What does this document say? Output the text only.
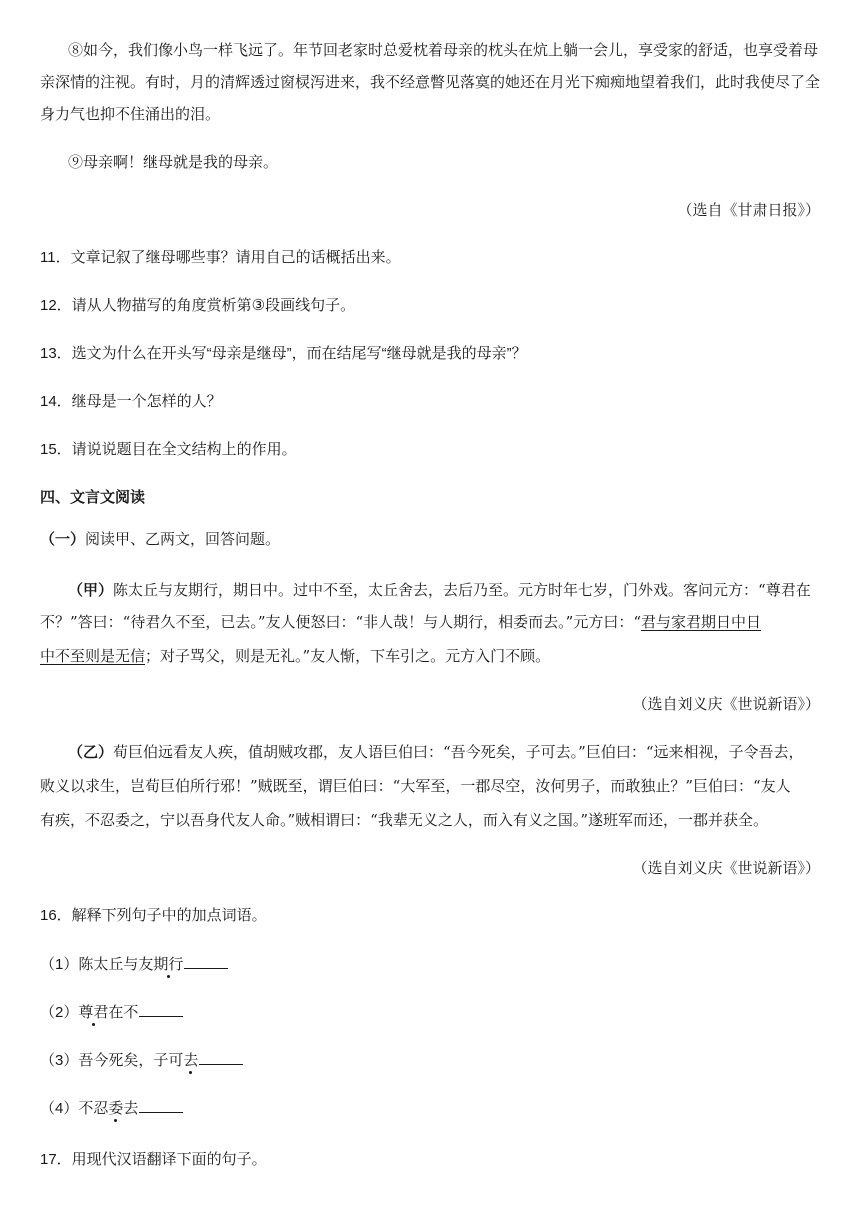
⑧如今，我们像小鸟一样飞远了。年节回老家时总爱枕着母亲的枕头在炕上躺一会儿，享受家的舒适，也享受着母
亲深情的注视。有时，月的清辉透过窗棂泻进来，我不经意瞥见落寞的她还在月光下痴痴地望着我们，此时我使尽了全
身力气也抑不住涌出的泪。
⑨母亲啊！继母就是我的母亲。
（选自《甘肃日报》）
11．文章记叙了继母哪些事？请用自己的话概括出来。
12．请从人物描写的角度赏析第③段画线句子。
13．选文为什么在开头写“母亲是继母”，而在结尾写“继母就是我的母亲”？
14．继母是一个怎样的人？
15．请说说题目在全文结构上的作用。
四、文言文阅读
（一）阅读甲、乙两文，回答问题。
（甲）陈太丘与友期行，期日中。过中不至，太丘舍去，去后乃至。元方时年七岁，门外戏。客问元方：“尊君在
不？”答曰：“待君久不至，已去。”友人便怒曰：“非人哉！与人期行，相委而去。”元方曰：“君与家君期日中日
中不至则是无信；对子骂父，则是无礼。”友人惭，下车引之。元方入门不顾。
（选自刘义庆《世说新语》）
（乙）荀巨伯远看友人疾，值胡贼攻郡，友人语巨伯曰：“吾今死矣，子可去。”巨伯曰：“远来相视，子令吾去，
败义以求生，岂荀巨伯所行邪！”贼既至，谓巨伯曰：“大军至，一郡尽空，汝何男子，而敢独止？”巨伯曰：“友人
有疾，不忍委之，宁以吾身代友人命。”贼相谓曰：“我辈无义之人，而入有义之国。”遂班军而还，一郡并获全。
（选自刘义庆《世说新语》）
16．解释下列句子中的加点词语。
（1）陈太丘与友期行
（2）尊君在不
（3）吾今死矣，子可去
（4）不忍委去
17．用现代汉语翻译下面的句子。
